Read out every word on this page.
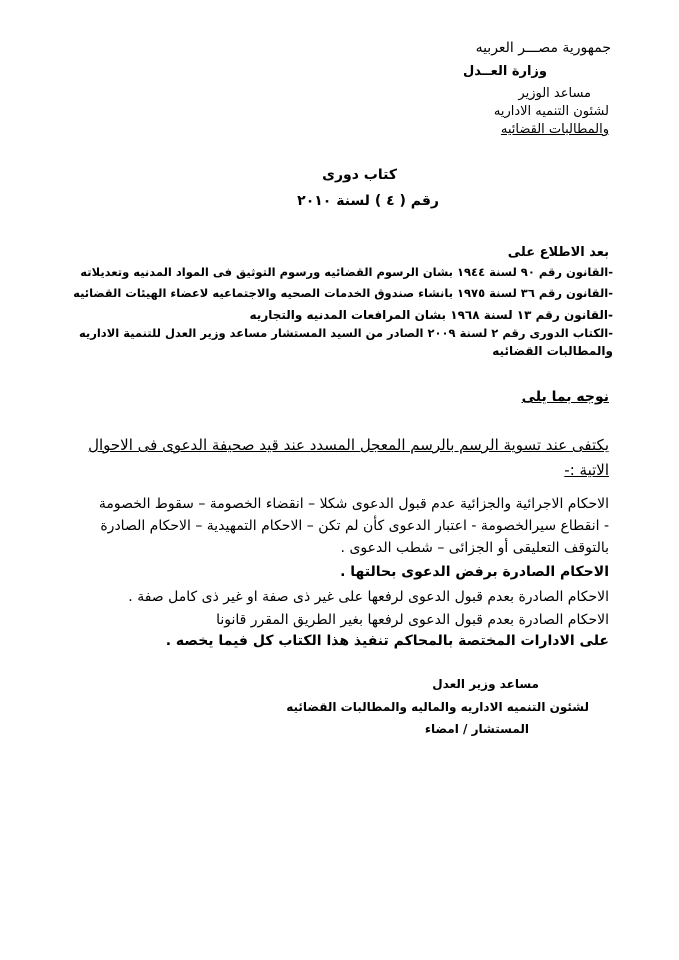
جمهورية مصـــر العربيه
وزارة العــدل
مساعد الوزير
لشئون التنميه الاداريه
والمطالبات القضائيه
كتاب دورى
رقم ( ٤ ) لسنة ٢٠١٠
بعد الاطلاع على
-القانون رقم ٩٠ لسنة ١٩٤٤ بشان الرسوم القضائيه ورسوم التوثيق فى المواد المدنيه وتعديلاته
-القانون رقم ٣٦ لسنة ١٩٧٥ بانشاء صندوق الخدمات الصحيه والاجتماعيه لاعضاء الهيئات القضائيه
-القانون رقم ١٣ لسنة ١٩٦٨ بشان المرافعات المدنيه والتجاريه
-الكتاب الدورى رقم ٢ لسنة ٢٠٠٩ الصادر من السيد المستشار مساعد وزير العدل للتنمية الاداريه
والمطالبات القضائيه
نوجه بما يلى
يكتفى عند تسوية الرسم بالرسم المعجل المسدد عند قيد صحيفة الدعوى فى الاحوال
الاتية :-
الاحكام الاجرائية والجزائية عدم قبول الدعوى شكلا – انقضاء الخصومة – سقوط الخصومة
- انقطاع سيرالخصومة - اعتبار الدعوى كأن لم تكن – الاحكام التمهيدية – الاحكام الصادرة
بالتوقف التعليقى أو الجزائى – شطب الدعوى .
الاحكام الصادرة برفض الدعوى بحالتها .
الاحكام الصادرة بعدم قبول الدعوى لرفعها على غير ذى صفة او غير ذى كامل صفة .
الاحكام الصادرة بعدم قبول الدعوى لرفعها بغير الطريق المقرر قانونا
على الادارات المختصة بالمحاكم تنفيذ هذا الكتاب كل فيما يخصه .
مساعد وزير العدل
لشئون التنميه الاداريه والماليه والمطالبات القضائيه
المستشار / امضاء
